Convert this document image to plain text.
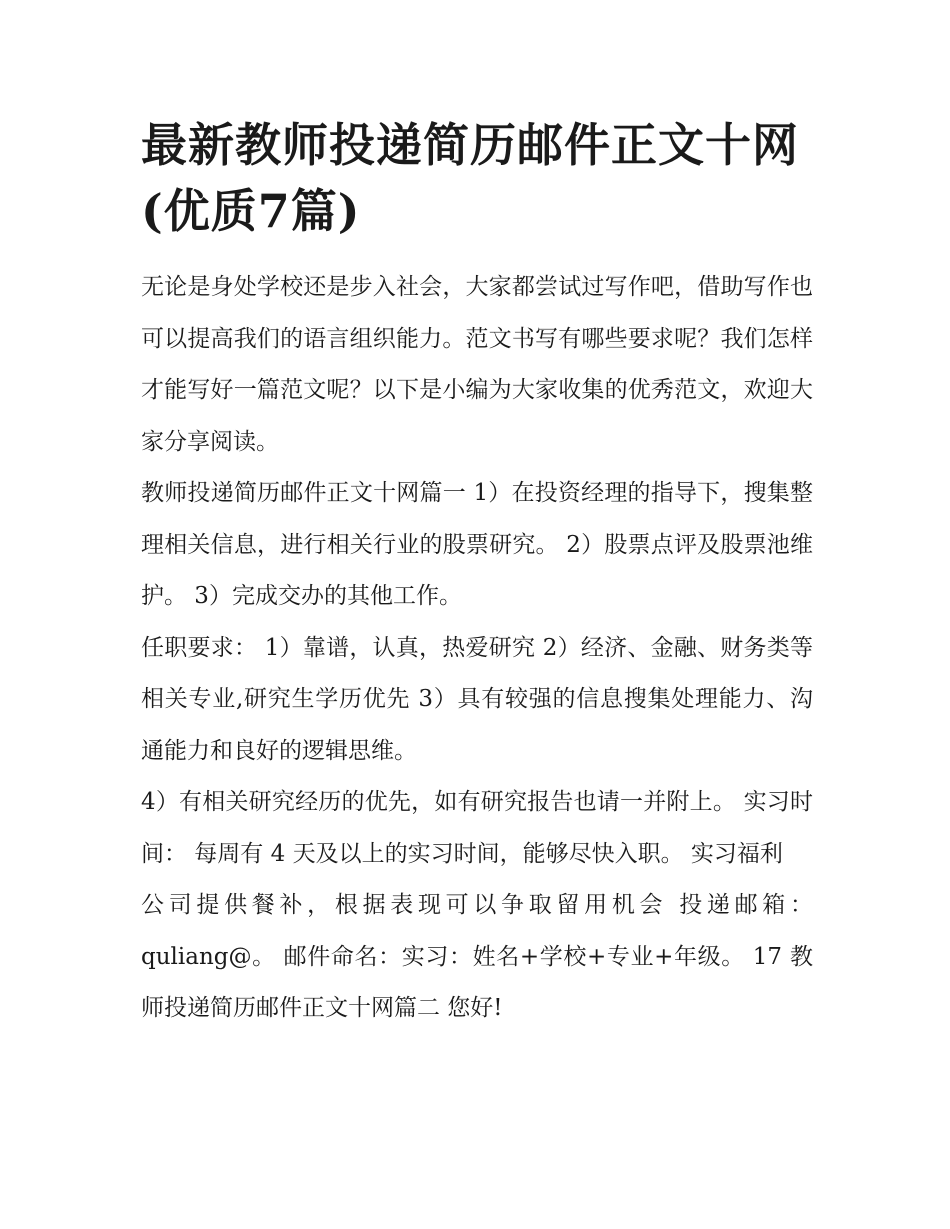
最新教师投递简历邮件正文十网(优质7篇)

无论是身处学校还是步入社会，大家都尝试过写作吧，借助写作也可以提高我们的语言组织能力。范文书写有哪些要求呢？我们怎样才能写好一篇范文呢？以下是小编为大家收集的优秀范文，欢迎大家分享阅读。

教师投递简历邮件正文十网篇一 1）在投资经理的指导下，搜集整理相关信息，进行相关行业的股票研究。 2）股票点评及股票池维护。 3）完成交办的其他工作。

任职要求： 1）靠谱，认真，热爱研究 2）经济、金融、财务类等相关专业,研究生学历优先 3）具有较强的信息搜集处理能力、沟通能力和良好的逻辑思维。

4）有相关研究经历的优先，如有研究报告也请一并附上。 实习时间： 每周有 4 天及以上的实习时间，能够尽快入职。 实习福利

公司提供餐补，根据表现可以争取留用机会 投递邮箱：quliang@。 邮件命名：实习：姓名+学校+专业+年级。 17 教师投递简历邮件正文十网篇二 您好!
